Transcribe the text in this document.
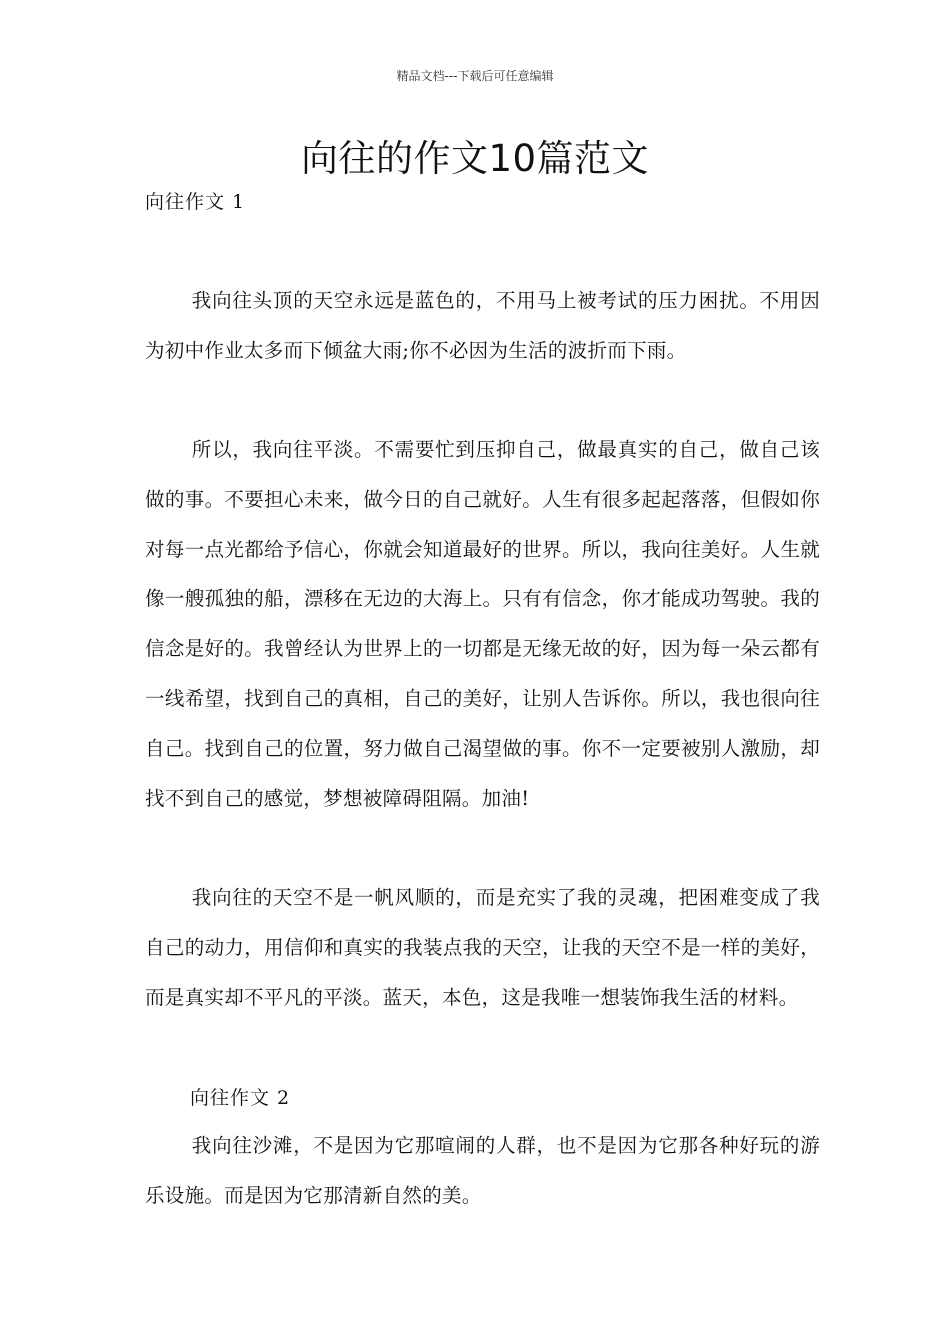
精品文档---下载后可任意编辑
向往的作文10篇范文
向往作文 1

我向往头顶的天空永远是蓝色的，不用马上被考试的压力困扰。不用因为初中作业太多而下倾盆大雨;你不必因为生活的波折而下雨。

所以，我向往平淡。不需要忙到压抑自己，做最真实的自己，做自己该做的事。不要担心未来，做今日的自己就好。人生有很多起起落落，但假如你对每一点光都给予信心，你就会知道最好的世界。所以，我向往美好。人生就像一艘孤独的船，漂移在无边的大海上。只有有信念，你才能成功驾驶。我的信念是好的。我曾经认为世界上的一切都是无缘无故的好，因为每一朵云都有一线希望，找到自己的真相，自己的美好，让别人告诉你。所以，我也很向往自己。找到自己的位置，努力做自己渴望做的事。你不一定要被别人激励，却找不到自己的感觉，梦想被障碍阻隔。加油!

我向往的天空不是一帆风顺的，而是充实了我的灵魂，把困难变成了我自己的动力，用信仰和真实的我装点我的天空，让我的天空不是一样的美好，而是真实却不平凡的平淡。蓝天，本色，这是我唯一想装饰我生活的材料。

向往作文 2

我向往沙滩，不是因为它那喧闹的人群，也不是因为它那各种好玩的游乐设施。而是因为它那清新自然的美。
